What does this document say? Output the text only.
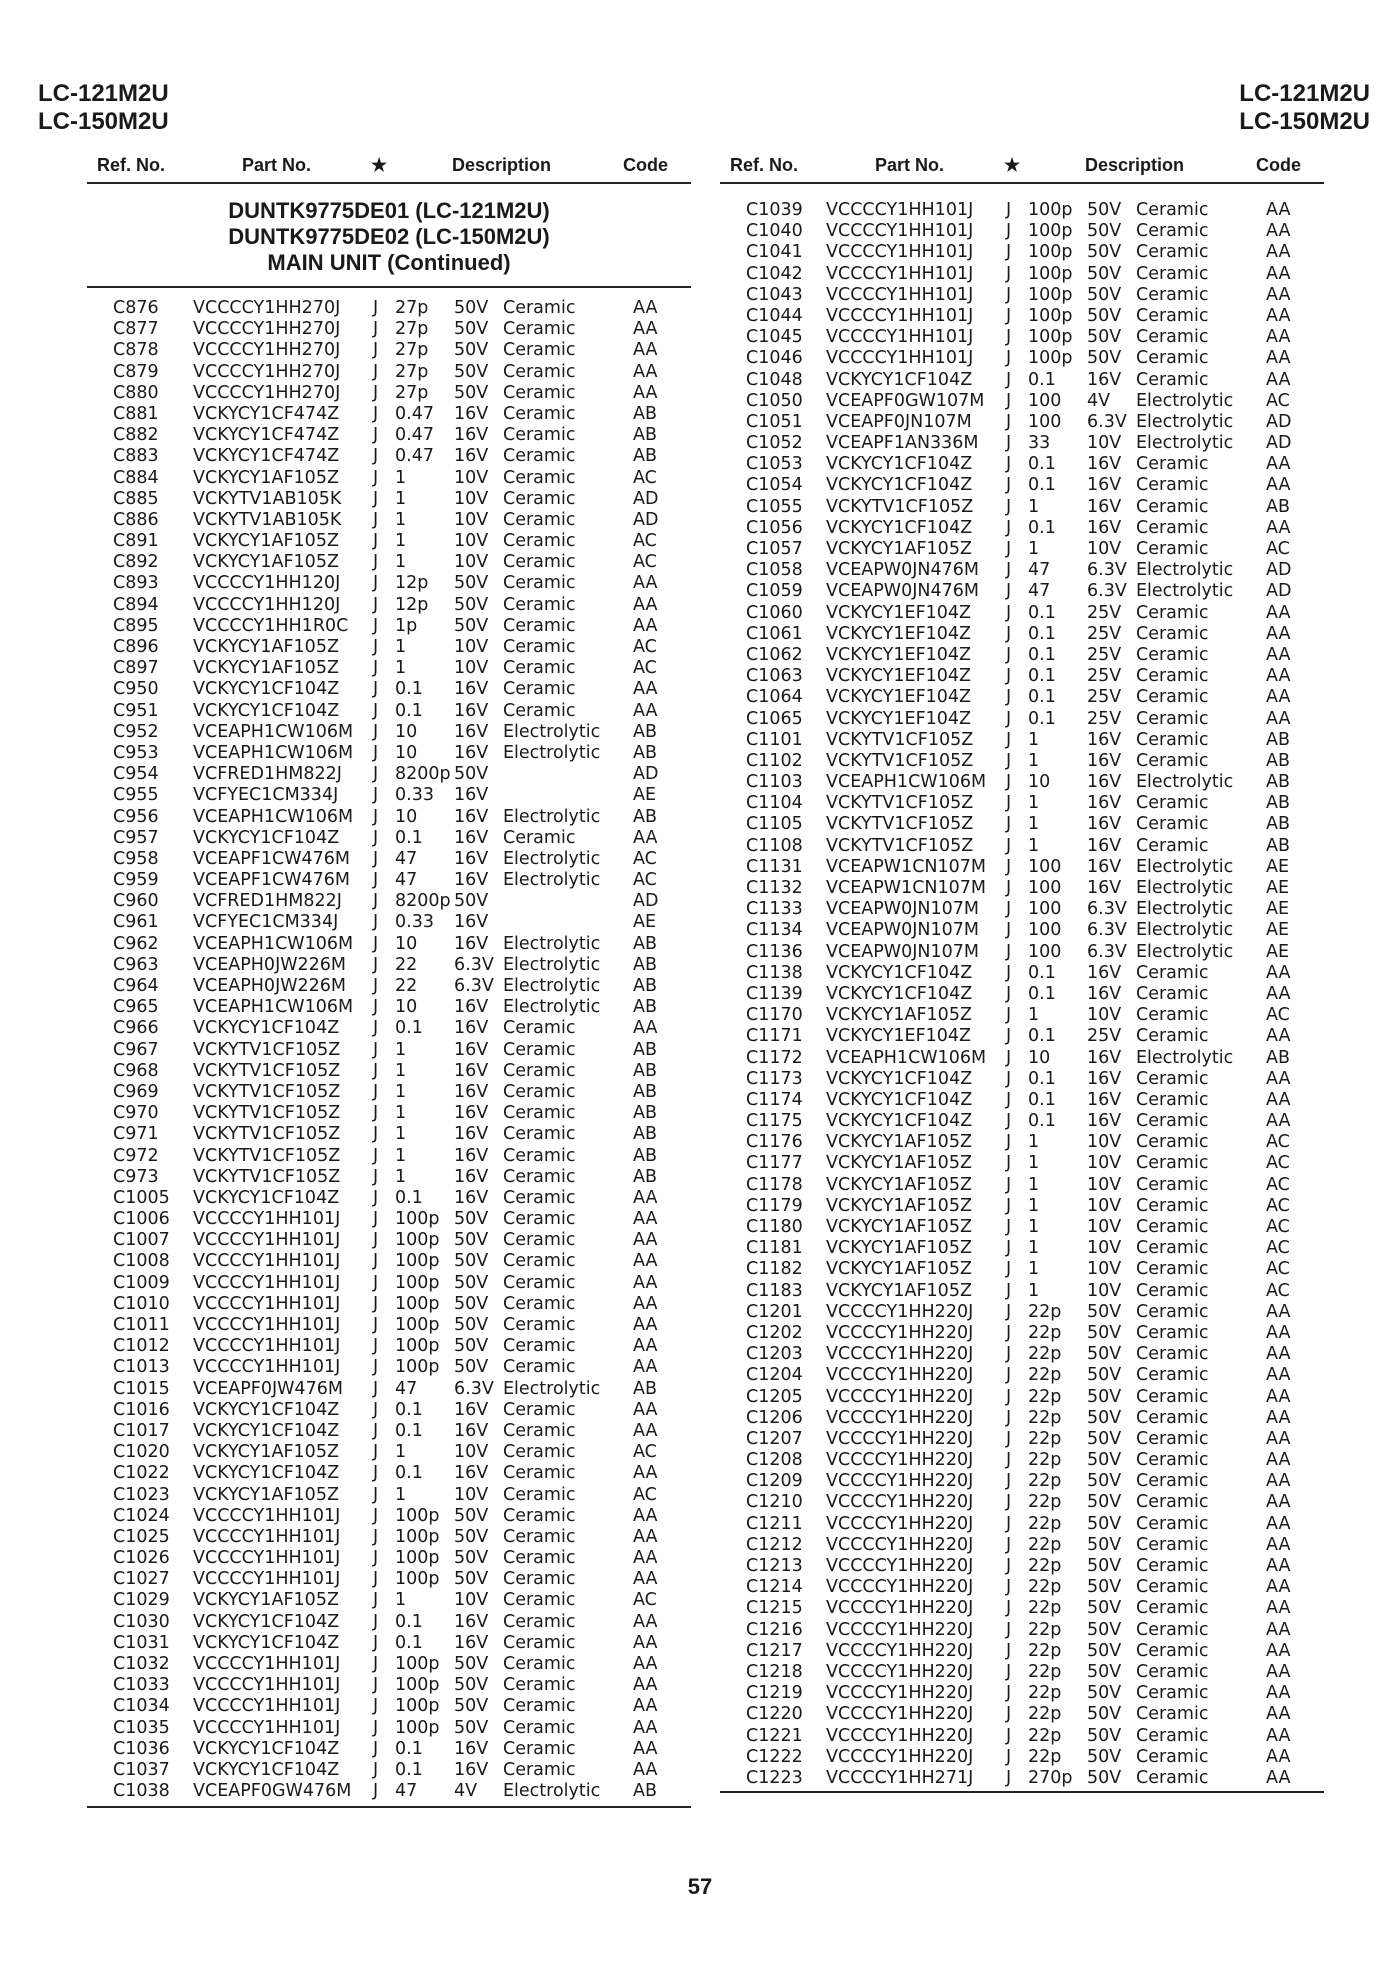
LC-121M2U
LC-150M2U
LC-121M2U
LC-150M2U
Ref. No.	Part No.	★	Description	Code
DUNTK9775DE01 (LC-121M2U)
DUNTK9775DE02 (LC-150M2U)
MAIN UNIT (Continued)
C876 VCCCCY1HH270J J 27p 50V Ceramic	AA
C877 VCCCCY1HH270J J 27p 50V Ceramic	AA
C878 VCCCCY1HH270J J 27p 50V Ceramic	AA
C879 VCCCCY1HH270J J 27p 50V Ceramic	AA
C880 VCCCCY1HH270J J 27p 50V Ceramic	AA
C881 VCKYCY1CF474Z J 0.47 16V Ceramic	AB
C882 VCKYCY1CF474Z J 0.47 16V Ceramic	AB
C883 VCKYCY1CF474Z J 0.47 16V Ceramic	AB
C884 VCKYCY1AF105Z J 1	10V Ceramic	AC
C885 VCKYTV1AB105K J 1	10V Ceramic	AD
C886 VCKYTV1AB105K J 1	10V Ceramic	AD
C891 VCKYCY1AF105Z J 1	10V Ceramic	AC
C892 VCKYCY1AF105Z J 1	10V Ceramic	AC
C893 VCCCCY1HH120J J 12p 50V Ceramic	AA
C894 VCCCCY1HH120J J 12p 50V Ceramic	AA
C895 VCCCCY1HH1R0C J 1p 50V Ceramic	AA
C896 VCKYCY1AF105Z J 1	10V Ceramic	AC
C897 VCKYCY1AF105Z J 1	10V Ceramic	AC
C950 VCKYCY1CF104Z J 0.1 16V Ceramic	AA
C951 VCKYCY1CF104Z J 0.1 16V Ceramic	AA
C952 VCEAPH1CW106M J 10 16V Electrolytic AB
C953 VCEAPH1CW106M J 10 16V Electrolytic AB
C954 VCFRED1HM822J J 8200p 50V	AD
C955 VCFYEC1CM334J J 0.33 16V	AE
C956 VCEAPH1CW106M J 10 16V Electrolytic AB
C957 VCKYCY1CF104Z J 0.1 16V Ceramic	AA
C958 VCEAPF1CW476M J 47 16V Electrolytic AC
C959 VCEAPF1CW476M J 47 16V Electrolytic AC
C960 VCFRED1HM822J J 8200p 50V	AD
C961 VCFYEC1CM334J J 0.33 16V	AE
C962 VCEAPH1CW106M J 10 16V Electrolytic AB
C963 VCEAPH0JW226M J 22 6.3V Electrolytic AB
C964 VCEAPH0JW226M J 22 6.3V Electrolytic AB
C965 VCEAPH1CW106M J 10 16V Electrolytic AB
C966 VCKYCY1CF104Z J 0.1 16V Ceramic	AA
C967 VCKYTV1CF105Z J 1	16V Ceramic	AB
C968 VCKYTV1CF105Z J 1	16V Ceramic	AB
C969 VCKYTV1CF105Z J 1	16V Ceramic	AB
C970 VCKYTV1CF105Z J 1	16V Ceramic	AB
C971 VCKYTV1CF105Z J 1	16V Ceramic	AB
C972 VCKYTV1CF105Z J 1	16V Ceramic	AB
C973 VCKYTV1CF105Z J 1	16V Ceramic	AB
C1005 VCKYCY1CF104Z J 0.1 16V Ceramic	AA
C1006 VCCCCY1HH101J J 100p 50V Ceramic	AA
C1007 VCCCCY1HH101J J 100p 50V Ceramic	AA
C1008 VCCCCY1HH101J J 100p 50V Ceramic	AA
C1009 VCCCCY1HH101J J 100p 50V Ceramic	AA
C1010 VCCCCY1HH101J J 100p 50V Ceramic	AA
C1011 VCCCCY1HH101J J 100p 50V Ceramic	AA
C1012 VCCCCY1HH101J J 100p 50V Ceramic	AA
C1013 VCCCCY1HH101J J 100p 50V Ceramic	AA
C1015 VCEAPF0JW476M J 47 6.3V Electrolytic AB
C1016 VCKYCY1CF104Z J 0.1 16V Ceramic	AA
C1017 VCKYCY1CF104Z J 0.1 16V Ceramic	AA
C1020 VCKYCY1AF105Z J 1	10V Ceramic	AC
C1022 VCKYCY1CF104Z J 0.1 16V Ceramic	AA
C1023 VCKYCY1AF105Z J 1	10V Ceramic	AC
C1024 VCCCCY1HH101J J 100p 50V Ceramic	AA
C1025 VCCCCY1HH101J J 100p 50V Ceramic	AA
C1026 VCCCCY1HH101J J 100p 50V Ceramic	AA
C1027 VCCCCY1HH101J J 100p 50V Ceramic	AA
C1029 VCKYCY1AF105Z J 1	10V Ceramic	AC
C1030 VCKYCY1CF104Z J 0.1 16V Ceramic	AA
C1031 VCKYCY1CF104Z J 0.1 16V Ceramic	AA
C1032 VCCCCY1HH101J J 100p 50V Ceramic	AA
C1033 VCCCCY1HH101J J 100p 50V Ceramic	AA
C1034 VCCCCY1HH101J J 100p 50V Ceramic	AA
C1035 VCCCCY1HH101J J 100p 50V Ceramic	AA
C1036 VCKYCY1CF104Z J 0.1 16V Ceramic	AA
C1037 VCKYCY1CF104Z J 0.1 16V Ceramic	AA
C1038 VCEAPF0GW476M J 47 4V Electrolytic AB
Ref. No.	Part No.	★	Description	Code
C1039 VCCCCY1HH101J J 100p 50V Ceramic	AA
C1040 VCCCCY1HH101J J 100p 50V Ceramic	AA
C1041 VCCCCY1HH101J J 100p 50V Ceramic	AA
C1042 VCCCCY1HH101J J 100p 50V Ceramic	AA
C1043 VCCCCY1HH101J J 100p 50V Ceramic	AA
C1044 VCCCCY1HH101J J 100p 50V Ceramic	AA
C1045 VCCCCY1HH101J J 100p 50V Ceramic	AA
C1046 VCCCCY1HH101J J 100p 50V Ceramic	AA
C1048 VCKYCY1CF104Z J 0.1 16V Ceramic	AA
C1050 VCEAPF0GW107M J 100 4V Electrolytic AC
C1051 VCEAPF0JN107M J 100 6.3V Electrolytic AD
C1052 VCEAPF1AN336M J 33 10V Electrolytic AD
C1053 VCKYCY1CF104Z J 0.1 16V Ceramic	AA
C1054 VCKYCY1CF104Z J 0.1 16V Ceramic	AA
C1055 VCKYTV1CF105Z J 1	16V Ceramic	AB
C1056 VCKYCY1CF104Z J 0.1 16V Ceramic	AA
C1057 VCKYCY1AF105Z J 1	10V Ceramic	AC
C1058 VCEAPW0JN476M J 47 6.3V Electrolytic AD
C1059 VCEAPW0JN476M J 47 6.3V Electrolytic AD
C1060 VCKYCY1EF104Z J 0.1 25V Ceramic	AA
C1061 VCKYCY1EF104Z J 0.1 25V Ceramic	AA
C1062 VCKYCY1EF104Z J 0.1 25V Ceramic	AA
C1063 VCKYCY1EF104Z J 0.1 25V Ceramic	AA
C1064 VCKYCY1EF104Z J 0.1 25V Ceramic	AA
C1065 VCKYCY1EF104Z J 0.1 25V Ceramic	AA
C1101 VCKYTV1CF105Z J 1	16V Ceramic	AB
C1102 VCKYTV1CF105Z J 1	16V Ceramic	AB
C1103 VCEAPH1CW106M J 10 16V Electrolytic AB
C1104 VCKYTV1CF105Z J 1	16V Ceramic	AB
C1105 VCKYTV1CF105Z J 1	16V Ceramic	AB
C1108 VCKYTV1CF105Z J 1	16V Ceramic	AB
C1131 VCEAPW1CN107M J 100 16V Electrolytic AE
C1132 VCEAPW1CN107M J 100 16V Electrolytic AE
C1133 VCEAPW0JN107M J 100 6.3V Electrolytic AE
C1134 VCEAPW0JN107M J 100 6.3V Electrolytic AE
C1136 VCEAPW0JN107M J 100 6.3V Electrolytic AE
C1138 VCKYCY1CF104Z J 0.1 16V Ceramic	AA
C1139 VCKYCY1CF104Z J 0.1 16V Ceramic	AA
C1170 VCKYCY1AF105Z J 1	10V Ceramic	AC
C1171 VCKYCY1EF104Z J 0.1 25V Ceramic	AA
C1172 VCEAPH1CW106M J 10 16V Electrolytic AB
C1173 VCKYCY1CF104Z J 0.1 16V Ceramic	AA
C1174 VCKYCY1CF104Z J 0.1 16V Ceramic	AA
C1175 VCKYCY1CF104Z J 0.1 16V Ceramic	AA
C1176 VCKYCY1AF105Z J 1	10V Ceramic	AC
C1177 VCKYCY1AF105Z J 1	10V Ceramic	AC
C1178 VCKYCY1AF105Z J 1	10V Ceramic	AC
C1179 VCKYCY1AF105Z J 1	10V Ceramic	AC
C1180 VCKYCY1AF105Z J 1	10V Ceramic	AC
C1181 VCKYCY1AF105Z J 1	10V Ceramic	AC
C1182 VCKYCY1AF105Z J 1	10V Ceramic	AC
C1183 VCKYCY1AF105Z J 1	10V Ceramic	AC
C1201 VCCCCY1HH220J J 22p 50V Ceramic	AA
C1202 VCCCCY1HH220J J 22p 50V Ceramic	AA
C1203 VCCCCY1HH220J J 22p 50V Ceramic	AA
C1204 VCCCCY1HH220J J 22p 50V Ceramic	AA
C1205 VCCCCY1HH220J J 22p 50V Ceramic	AA
C1206 VCCCCY1HH220J J 22p 50V Ceramic	AA
C1207 VCCCCY1HH220J J 22p 50V Ceramic	AA
C1208 VCCCCY1HH220J J 22p 50V Ceramic	AA
C1209 VCCCCY1HH220J J 22p 50V Ceramic	AA
C1210 VCCCCY1HH220J J 22p 50V Ceramic	AA
C1211 VCCCCY1HH220J J 22p 50V Ceramic	AA
C1212 VCCCCY1HH220J J 22p 50V Ceramic	AA
C1213 VCCCCY1HH220J J 22p 50V Ceramic	AA
C1214 VCCCCY1HH220J J 22p 50V Ceramic	AA
C1215 VCCCCY1HH220J J 22p 50V Ceramic	AA
C1216 VCCCCY1HH220J J 22p 50V Ceramic	AA
C1217 VCCCCY1HH220J J 22p 50V Ceramic	AA
C1218 VCCCCY1HH220J J 22p 50V Ceramic	AA
C1219 VCCCCY1HH220J J 22p 50V Ceramic	AA
C1220 VCCCCY1HH220J J 22p 50V Ceramic	AA
C1221 VCCCCY1HH220J J 22p 50V Ceramic	AA
C1222 VCCCCY1HH220J J 22p 50V Ceramic	AA
C1223 VCCCCY1HH271J J 270p 50V Ceramic	AA
57
